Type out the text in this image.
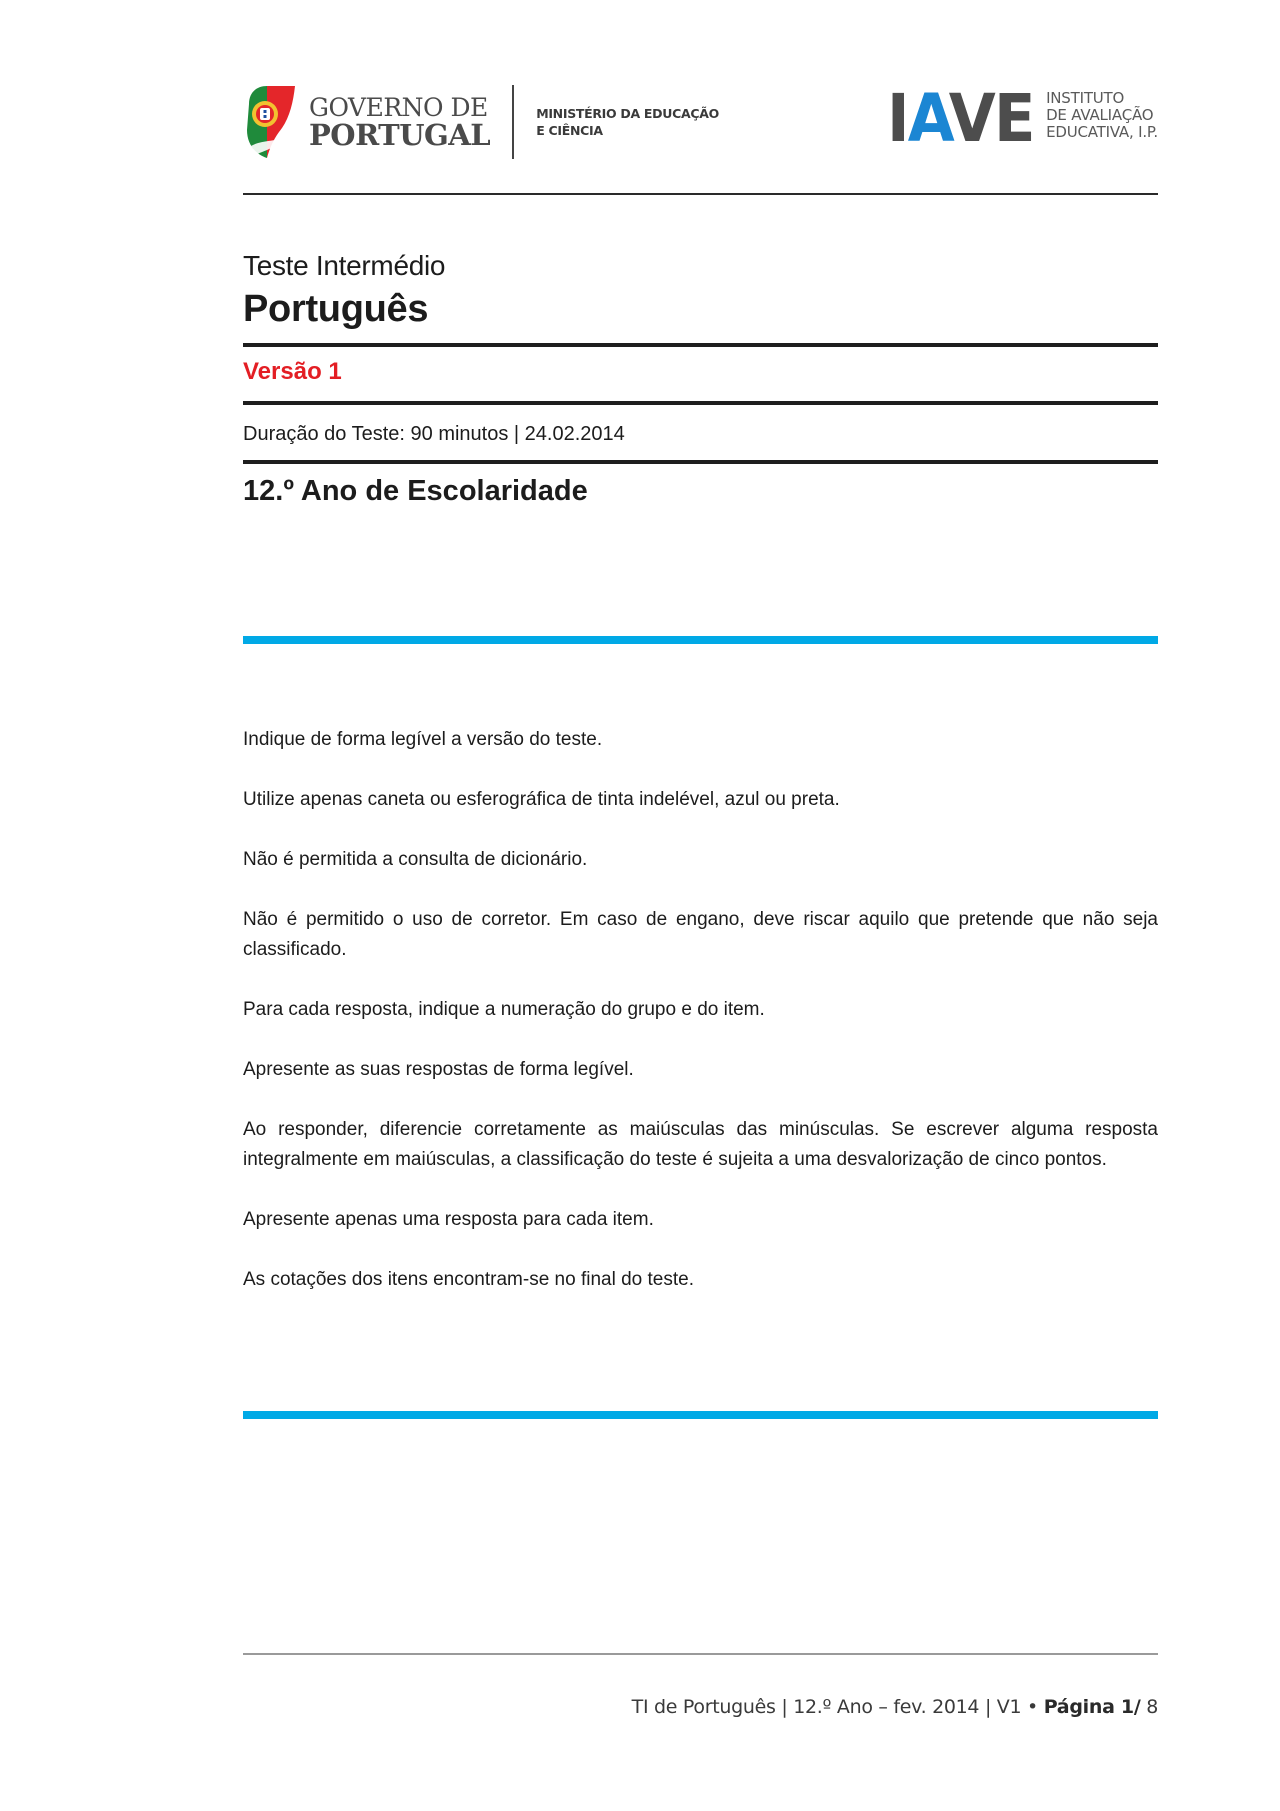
GOVERNO DE
PORTUGAL
MINISTÉRIO DA EDUCAÇÃO
E CIÊNCIA	IAVE INSTITUTO
DE AVALIAÇÃO
EDUCATIVA, I.P.
Teste Intermédio
Português
Versão 1
Duração do Teste: 90 minutos | 24.02.2014
12.º Ano de Escolaridade

Indique de forma legível a versão do teste.

Utilize apenas caneta ou esferográfica de tinta indelével, azul ou preta.

Não é permitida a consulta de dicionário.

Não é permitido o uso de corretor. Em caso de engano, deve riscar aquilo que pretende que não seja classificado.

Para cada resposta, indique a numeração do grupo e do item.

Apresente as suas respostas de forma legível.

Ao responder, diferencie corretamente as maiúsculas das minúsculas. Se escrever alguma resposta integralmente em maiúsculas, a classificação do teste é sujeita a uma desvalorização de cinco pontos.

Apresente apenas uma resposta para cada item.

As cotações dos itens encontram-se no final do teste.

TI de Português | 12.º Ano – fev. 2014 | V1 • Página 1/ 8
